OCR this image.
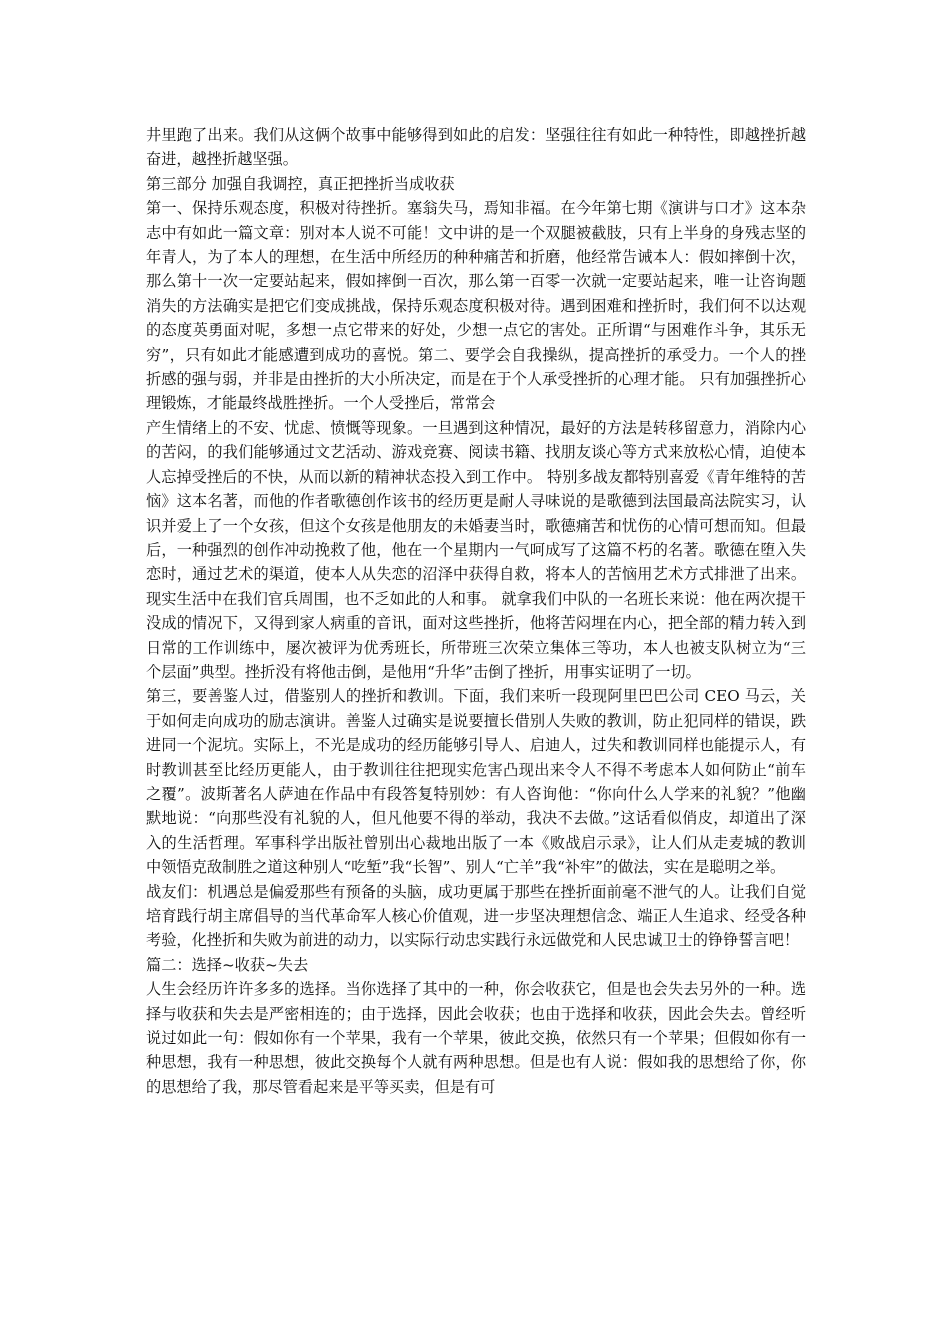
井里跑了出来。我们从这俩个故事中能够得到如此的启发：坚强往往有如此一种特性，即越挫折越奋进，越挫折越坚强。

第三部分 加强自我调控，真正把挫折当成收获

第一、保持乐观态度，积极对待挫折。塞翁失马，焉知非福。在今年第七期《演讲与口才》这本杂志中有如此一篇文章：别对本人说不可能！文中讲的是一个双腿被截肢，只有上半身的身残志坚的年青人，为了本人的理想，在生活中所经历的种种痛苦和折磨，他经常告诫本人：假如摔倒十次，那么第十一次一定要站起来，假如摔倒一百次，那么第一百零一次就一定要站起来，唯一让咨询题消失的方法确实是把它们变成挑战，保持乐观态度积极对待。遇到困难和挫折时，我们何不以达观的态度英勇面对呢，多想一点它带来的好处，少想一点它的害处。正所谓“与困难作斗争，其乐无穷”，只有如此才能感遭到成功的喜悦。第二、要学会自我操纵，提高挫折的承受力。一个人的挫折感的强与弱，并非是由挫折的大小所决定，而是在于个人承受挫折的心理才能。 只有加强挫折心理锻炼，才能最终战胜挫折。一个人受挫后，常常会

产生情绪上的不安、忧虑、愤慨等现象。一旦遇到这种情况，最好的方法是转移留意力，消除内心的苦闷，的我们能够通过文艺活动、游戏竞赛、阅读书籍、找朋友谈心等方式来放松心情，迫使本人忘掉受挫后的不快，从而以新的精神状态投入到工作中。 特别多战友都特别喜爱《青年维特的苦恼》这本名著，而他的作者歌德创作该书的经历更是耐人寻味说的是歌德到法国最高法院实习，认识并爱上了一个女孩，但这个女孩是他朋友的未婚妻当时，歌德痛苦和忧伤的心情可想而知。但最后，一种强烈的创作冲动挽救了他，他在一个星期内一气呵成写了这篇不朽的名著。歌德在堕入失恋时，通过艺术的渠道，使本人从失恋的沼泽中获得自救，将本人的苦恼用艺术方式排泄了出来。现实生活中在我们官兵周围，也不乏如此的人和事。 就拿我们中队的一名班长来说：他在两次提干没成的情况下，又得到家人病重的音讯，面对这些挫折，他将苦闷埋在内心，把全部的精力转入到日常的工作训练中，屡次被评为优秀班长，所带班三次荣立集体三等功，本人也被支队树立为“三个层面”典型。挫折没有将他击倒，是他用“升华”击倒了挫折，用事实证明了一切。

第三，要善鉴人过，借鉴别人的挫折和教训。下面，我们来听一段现阿里巴巴公司 CEO 马云，关于如何走向成功的励志演讲。善鉴人过确实是说要擅长借别人失败的教训，防止犯同样的错误，跌进同一个泥坑。实际上，不光是成功的经历能够引导人、启迪人，过失和教训同样也能提示人，有时教训甚至比经历更能人，由于教训往往把现实危害凸现出来令人不得不考虑本人如何防止“前车之覆”。波斯著名人萨迪在作品中有段答复特别妙：有人咨询他：“你向什么人学来的礼貌？”他幽默地说：“向那些没有礼貌的人，但凡他要不得的举动，我决不去做。”这话看似俏皮，却道出了深入的生活哲理。军事科学出版社曾别出心裁地出版了一本《败战启示录》，让人们从走麦城的教训中领悟克敌制胜之道这种别人“吃堑”我“长智”、别人“亡羊”我“补牢”的做法，实在是聪明之举。

战友们：机遇总是偏爱那些有预备的头脑，成功更属于那些在挫折面前毫不泄气的人。让我们自觉培育践行胡主席倡导的当代革命军人核心价值观，进一步坚决理想信念、端正人生追求、经受各种考验，化挫折和失败为前进的动力，以实际行动忠实践行永远做党和人民忠诚卫士的铮铮誓言吧！

篇二：选择~收获~失去

人生会经历许许多多的选择。当你选择了其中的一种，你会收获它，但是也会失去另外的一种。选择与收获和失去是严密相连的；由于选择，因此会收获；也由于选择和收获，因此会失去。曾经听说过如此一句：假如你有一个苹果，我有一个苹果，彼此交换，依然只有一个苹果；但假如你有一种思想，我有一种思想，彼此交换每个人就有两种思想。但是也有人说：假如我的思想给了你，你的思想给了我，那尽管看起来是平等买卖，但是有可
